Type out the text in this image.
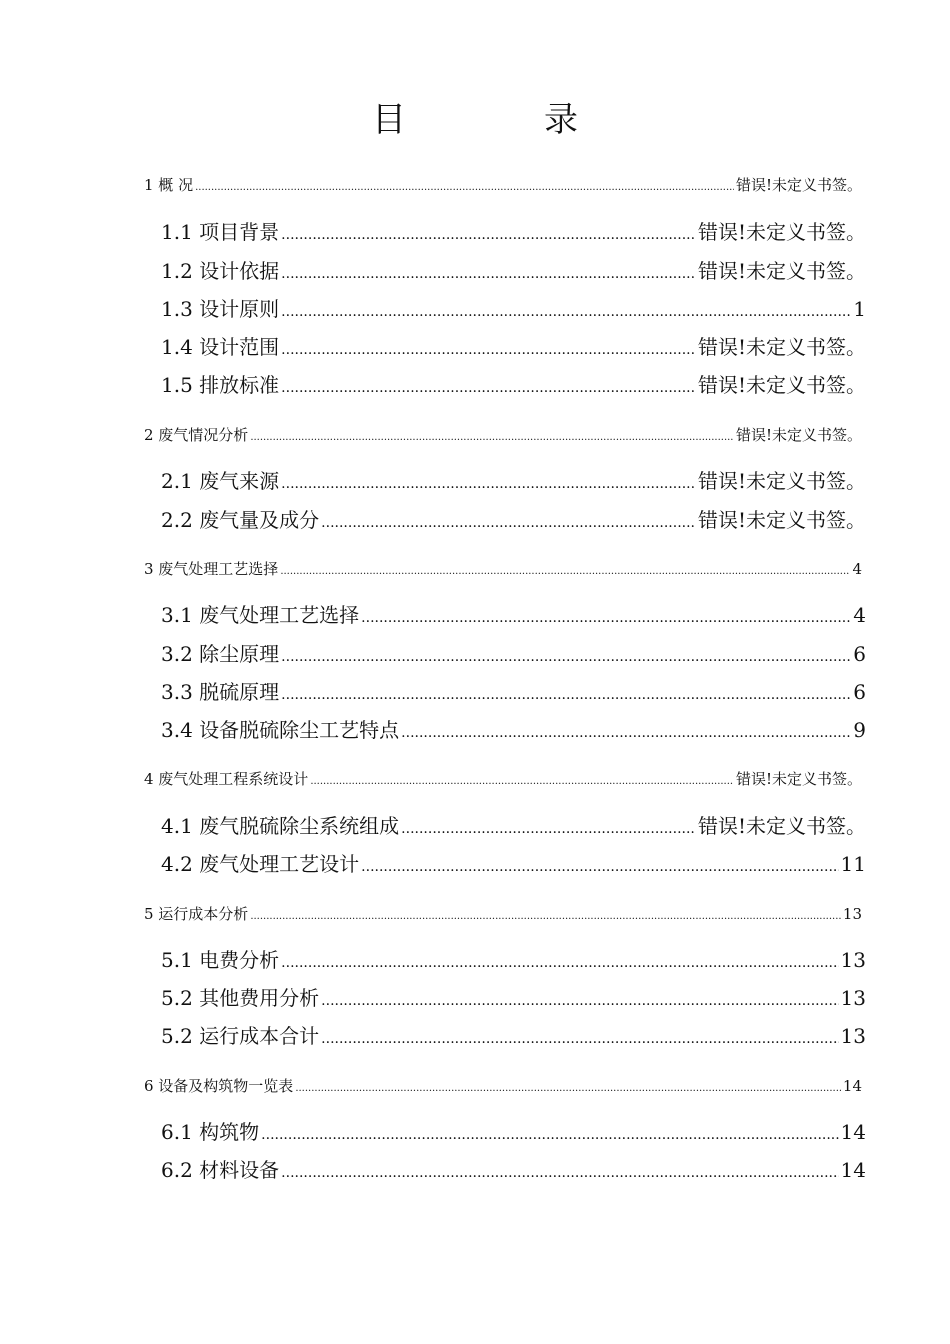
目　录
1 概 况 .....	错误!未定义书签。
1.1 项目背景 .....	错误!未定义书签。
1.2 设计依据 .....	错误!未定义书签。
1.3 设计原则 .....	1
1.4 设计范围 .....	错误!未定义书签。
1.5 排放标准 .....	错误!未定义书签。
2 废气情况分析 .....	错误!未定义书签。
2.1 废气来源 .....	错误!未定义书签。
2.2 废气量及成分 .....	错误!未定义书签。
3 废气处理工艺选择 .....	4
3.1 废气处理工艺选择 .....	4
3.2 除尘原理 .....	6
3.3 脱硫原理 .....	6
3.4 设备脱硫除尘工艺特点 .....	9
4 废气处理工程系统设计 .....	错误!未定义书签。
4.1 废气脱硫除尘系统组成 .....	错误!未定义书签。
4.2 废气处理工艺设计 .....	11
5 运行成本分析 .....	13
5.1 电费分析 .....	13
5.2 其他费用分析 .....	13
5.2 运行成本合计 .....	13
6 设备及构筑物一览表 .....	14
6.1 构筑物 .....	14
6.2 材料设备 .....	14
